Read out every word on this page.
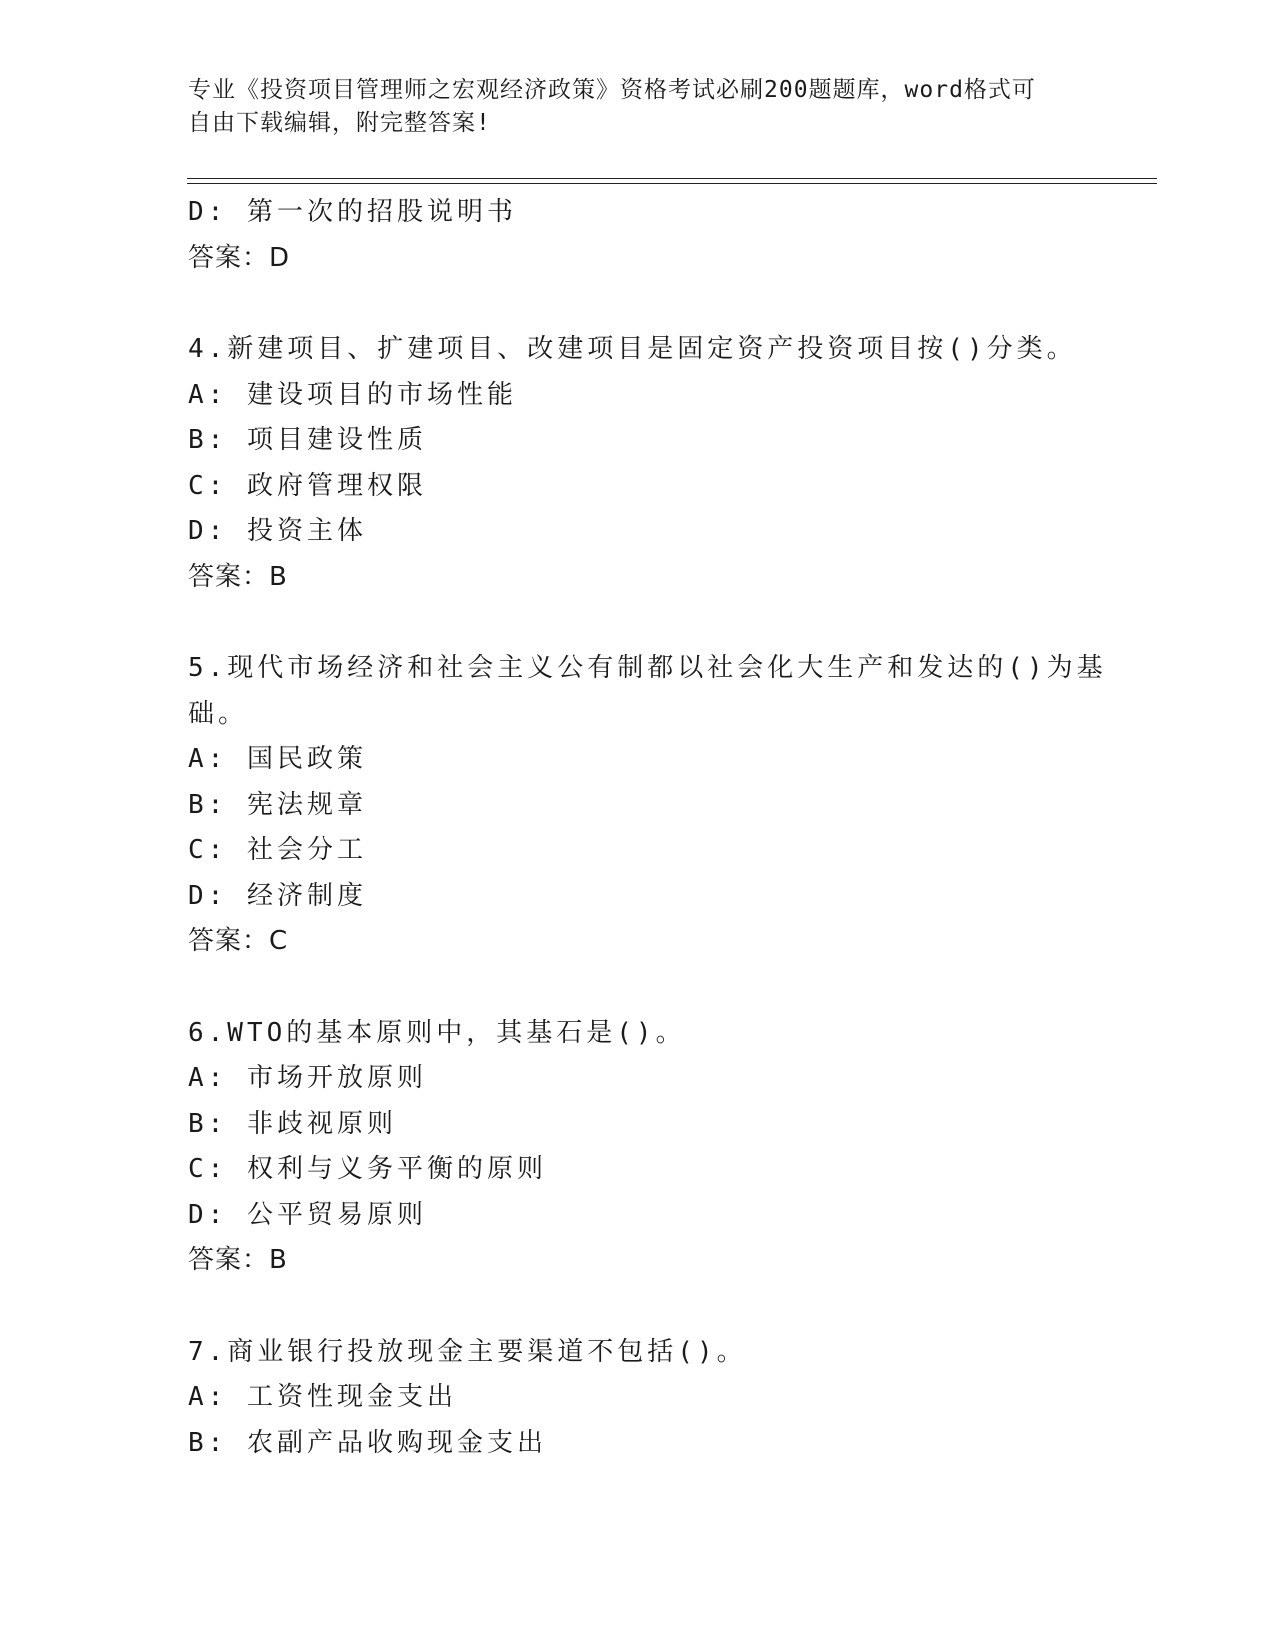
专业《投资项目管理师之宏观经济政策》资格考试必刷200题题库，word格式可
自由下载编辑，附完整答案!
D: 第一次的招股说明书
答案：D
4.新建项目、扩建项目、改建项目是固定资产投资项目按()分类。
A: 建设项目的市场性能
B: 项目建设性质
C: 政府管理权限
D: 投资主体
答案：B
5.现代市场经济和社会主义公有制都以社会化大生产和发达的()为基
础。
A: 国民政策
B: 宪法规章
C: 社会分工
D: 经济制度
答案：C
6.WTO的基本原则中，其基石是()。
A: 市场开放原则
B: 非歧视原则
C: 权利与义务平衡的原则
D: 公平贸易原则
答案：B
7.商业银行投放现金主要渠道不包括()。
A: 工资性现金支出
B: 农副产品收购现金支出
